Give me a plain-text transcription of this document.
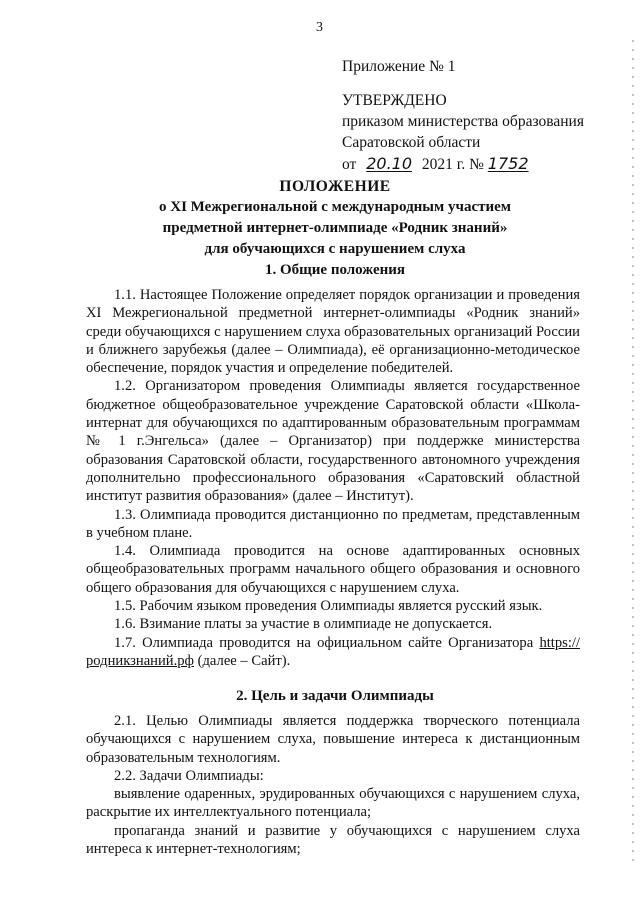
3
Приложение № 1
УТВЕРЖДЕНО
приказом министерства образования
Саратовской области
от 20.10 2021 г. № 1752
ПОЛОЖЕНИЕ
о XI Межрегиональной с международным участием
предметной интернет-олимпиаде «Родник знаний»
для обучающихся с нарушением слуха
1. Общие положения

1.1. Настоящее Положение определяет порядок организации и проведения XI Межрегиональной предметной интернет-олимпиады «Родник знаний» среди обучающихся с нарушением слуха образовательных организаций России и ближнего зарубежья (далее – Олимпиада), её организационно-методическое обеспечение, порядок участия и определение победителей.

1.2. Организатором проведения Олимпиады является государственное бюджетное общеобразовательное учреждение Саратовской области «Школа-интернат для обучающихся по адаптированным образовательным программам № 1 г.Энгельса» (далее – Организатор) при поддержке министерства образования Саратовской области, государственного автономного учреждения дополнительно профессионального образования «Саратовский областной институт развития образования» (далее – Институт).

1.3. Олимпиада проводится дистанционно по предметам, представленным в учебном плане.

1.4. Олимпиада проводится на основе адаптированных основных общеобразовательных программ начального общего образования и основного общего образования для обучающихся с нарушением слуха.

1.5. Рабочим языком проведения Олимпиады является русский язык.

1.6. Взимание платы за участие в олимпиаде не допускается.

1.7. Олимпиада проводится на официальном сайте Организатора https://родникзнаний.рф (далее – Сайт).

2. Цель и задачи Олимпиады

2.1. Целью Олимпиады является поддержка творческого потенциала обучающихся с нарушением слуха, повышение интереса к дистанционным образовательным технологиям.

2.2. Задачи Олимпиады:

выявление одаренных, эрудированных обучающихся с нарушением слуха, раскрытие их интеллектуального потенциала;

пропаганда знаний и развитие у обучающихся с нарушением слуха интереса к интернет-технологиям;
